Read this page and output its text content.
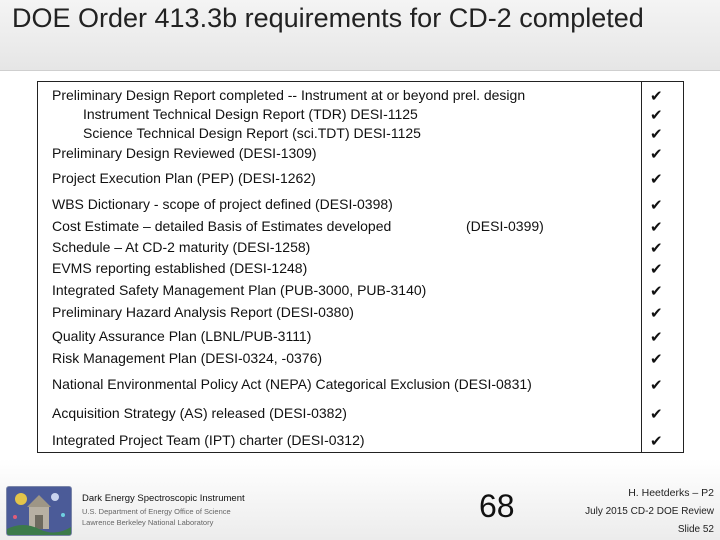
DOE Order 413.3b requirements for CD-2 completed
Preliminary Design Report completed -- Instrument at or beyond prel. design	✔
Instrument Technical Design Report (TDR) DESI-1125	✔
Science Technical Design Report (sci.TDT) DESI-1125	✔
Preliminary Design Reviewed (DESI-1309)	✔
Project Execution Plan (PEP) (DESI-1262)	✔
WBS Dictionary - scope of project defined (DESI-0398)	✔
Cost Estimate – detailed Basis of Estimates developed	(DESI-0399)	✔
Schedule – At CD-2 maturity (DESI-1258)	✔
EVMS reporting established (DESI-1248)	✔
Integrated Safety Management Plan (PUB-3000, PUB-3140)	✔
Preliminary Hazard Analysis Report (DESI-0380)	✔
Quality Assurance Plan (LBNL/PUB-3111)	✔
Risk Management Plan (DESI-0324, -0376)	✔
National Environmental Policy Act (NEPA) Categorical Exclusion (DESI-0831)	✔
Acquisition Strategy (AS) released (DESI-0382)	✔
Integrated Project Team (IPT) charter (DESI-0312)	✔
Dark Energy Spectroscopic Instrument
U.S. Department of Energy Office of Science
Lawrence Berkeley National Laboratory	68	H. Heetderks – P2
July 2015 CD-2 DOE Review
Slide 52
